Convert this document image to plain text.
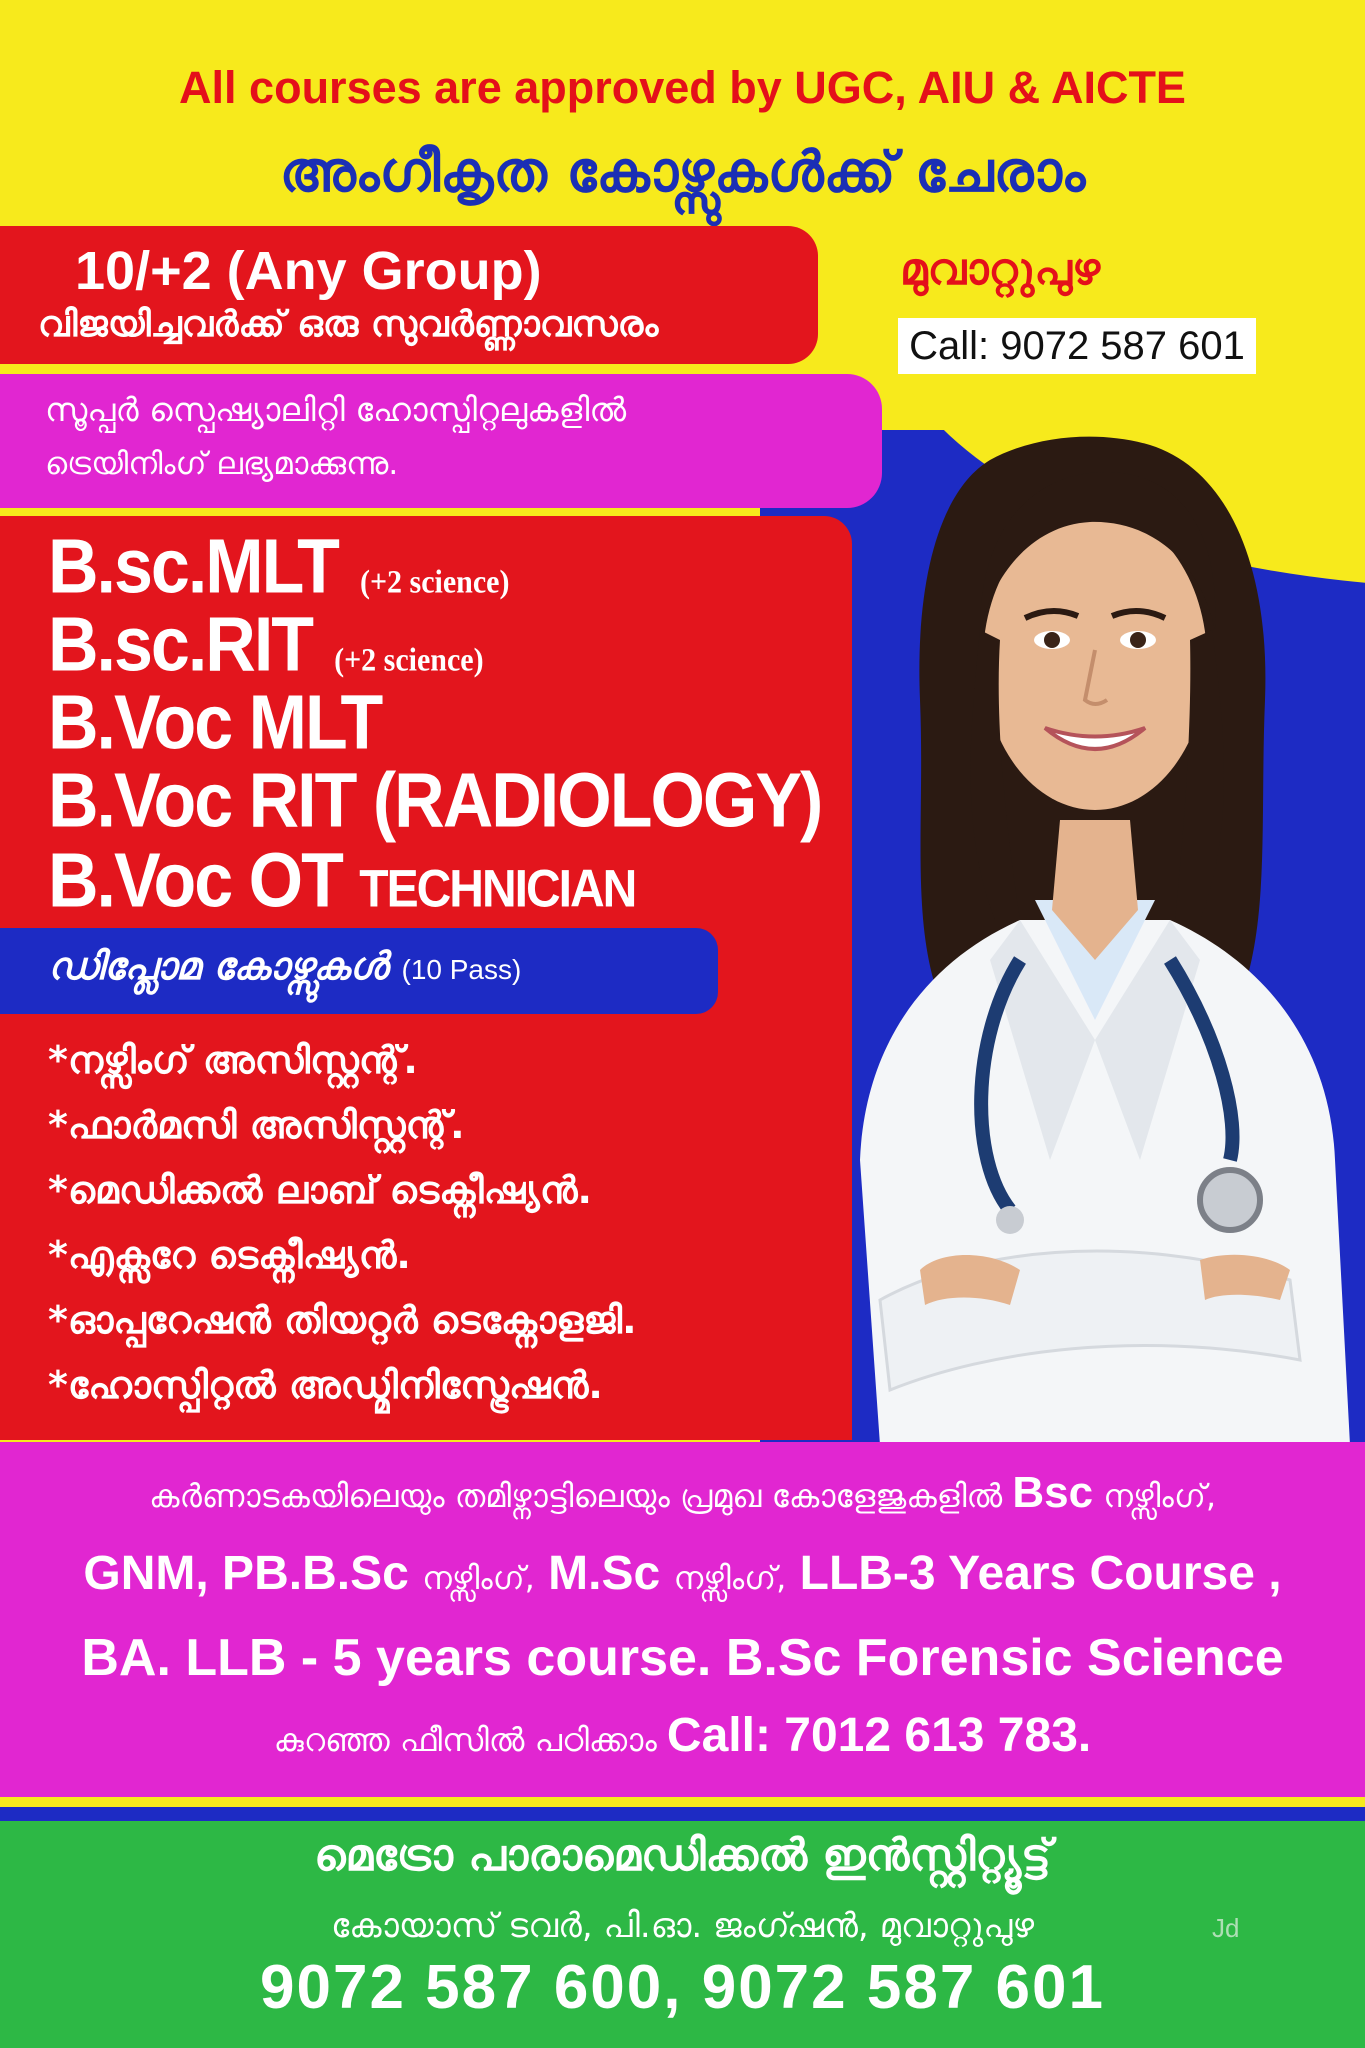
All courses are approved by UGC, AIU & AICTE
അംഗീകൃത കോഴ്സുകൾക്ക് ചേരാം
10/+2 (Any Group)
വിജയിച്ചവർക്ക് ഒരു സുവർണ്ണാവസരം
മുവാറ്റുപുഴ
Call: 9072 587 601
സൂപ്പർ സ്പെഷ്യാലിറ്റി ഹോസ്പിറ്റലുകളിൽ
ട്രെയിനിംഗ് ലഭ്യമാക്കുന്നു.
B.sc.MLT (+2 science)
B.sc.RIT (+2 science)
B.Voc MLT
B.Voc RIT (RADIOLOGY)
B.Voc OT TECHNICIAN
ഡിപ്ലോമ കോഴ്സുകൾ (10 Pass)
*നഴ്സിംഗ് അസിസ്റ്റന്റ്.
*ഫാർമസി അസിസ്റ്റന്റ്.
*മെഡിക്കൽ ലാബ് ടെക്നീഷ്യൻ.
*എക്സറേ ടെക്നീഷ്യൻ.
*ഓപ്പറേഷൻ തിയറ്റർ ടെക്നോളജി.
*ഹോസ്പിറ്റൽ അഡ്മിനിസ്ട്രേഷൻ.
കർണാടകയിലെയും തമിഴ്നാട്ടിലെയും പ്രമുഖ കോളേജുകളിൽ Bsc നഴ്സിംഗ്,
GNM, PB.B.Sc നഴ്സിംഗ്, M.Sc നഴ്സിംഗ്, LLB-3 Years Course ,
BA. LLB - 5 years course. B.Sc Forensic Science
കുറഞ്ഞ ഫീസിൽ പഠിക്കാം Call: 7012 613 783.
മെട്രോ പാരാമെഡിക്കൽ ഇൻസ്റ്റിറ്റ്യൂട്ട്
കോയാസ് ടവർ, പി.ഓ. ജംഗ്ഷൻ, മുവാറ്റുപുഴ
9072 587 600, 9072 587 601
Jd
